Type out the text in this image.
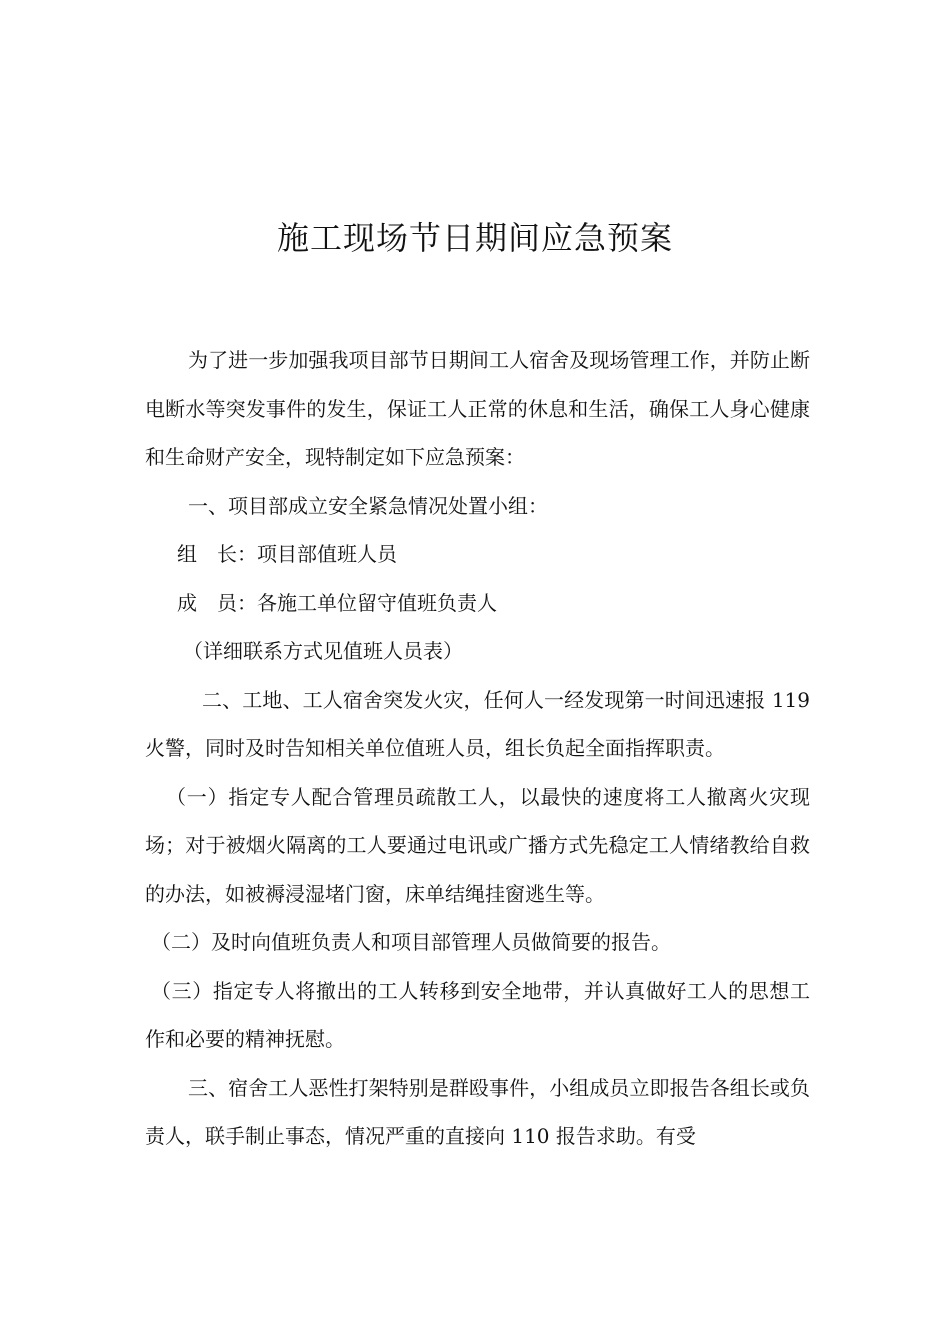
施工现场节日期间应急预案

为了进一步加强我项目部节日期间工人宿舍及现场管理工作，并防止断电断水等突发事件的发生，保证工人正常的休息和生活，确保工人身心健康和生命财产安全，现特制定如下应急预案：

一、项目部成立安全紧急情况处置小组：

组　长：项目部值班人员

成　员：各施工单位留守值班负责人

（详细联系方式见值班人员表）

二、工地、工人宿舍突发火灾，任何人一经发现第一时间迅速报 119 火警，同时及时告知相关单位值班人员，组长负起全面指挥职责。

（一）指定专人配合管理员疏散工人，以最快的速度将工人撤离火灾现场；对于被烟火隔离的工人要通过电讯或广播方式先稳定工人情绪教给自救的办法，如被褥浸湿堵门窗，床单结绳挂窗逃生等。

（二）及时向值班负责人和项目部管理人员做简要的报告。

（三）指定专人将撤出的工人转移到安全地带，并认真做好工人的思想工作和必要的精神抚慰。

三、宿舍工人恶性打架特别是群殴事件，小组成员立即报告各组长或负责人，联手制止事态，情况严重的直接向 110 报告求助。有受
